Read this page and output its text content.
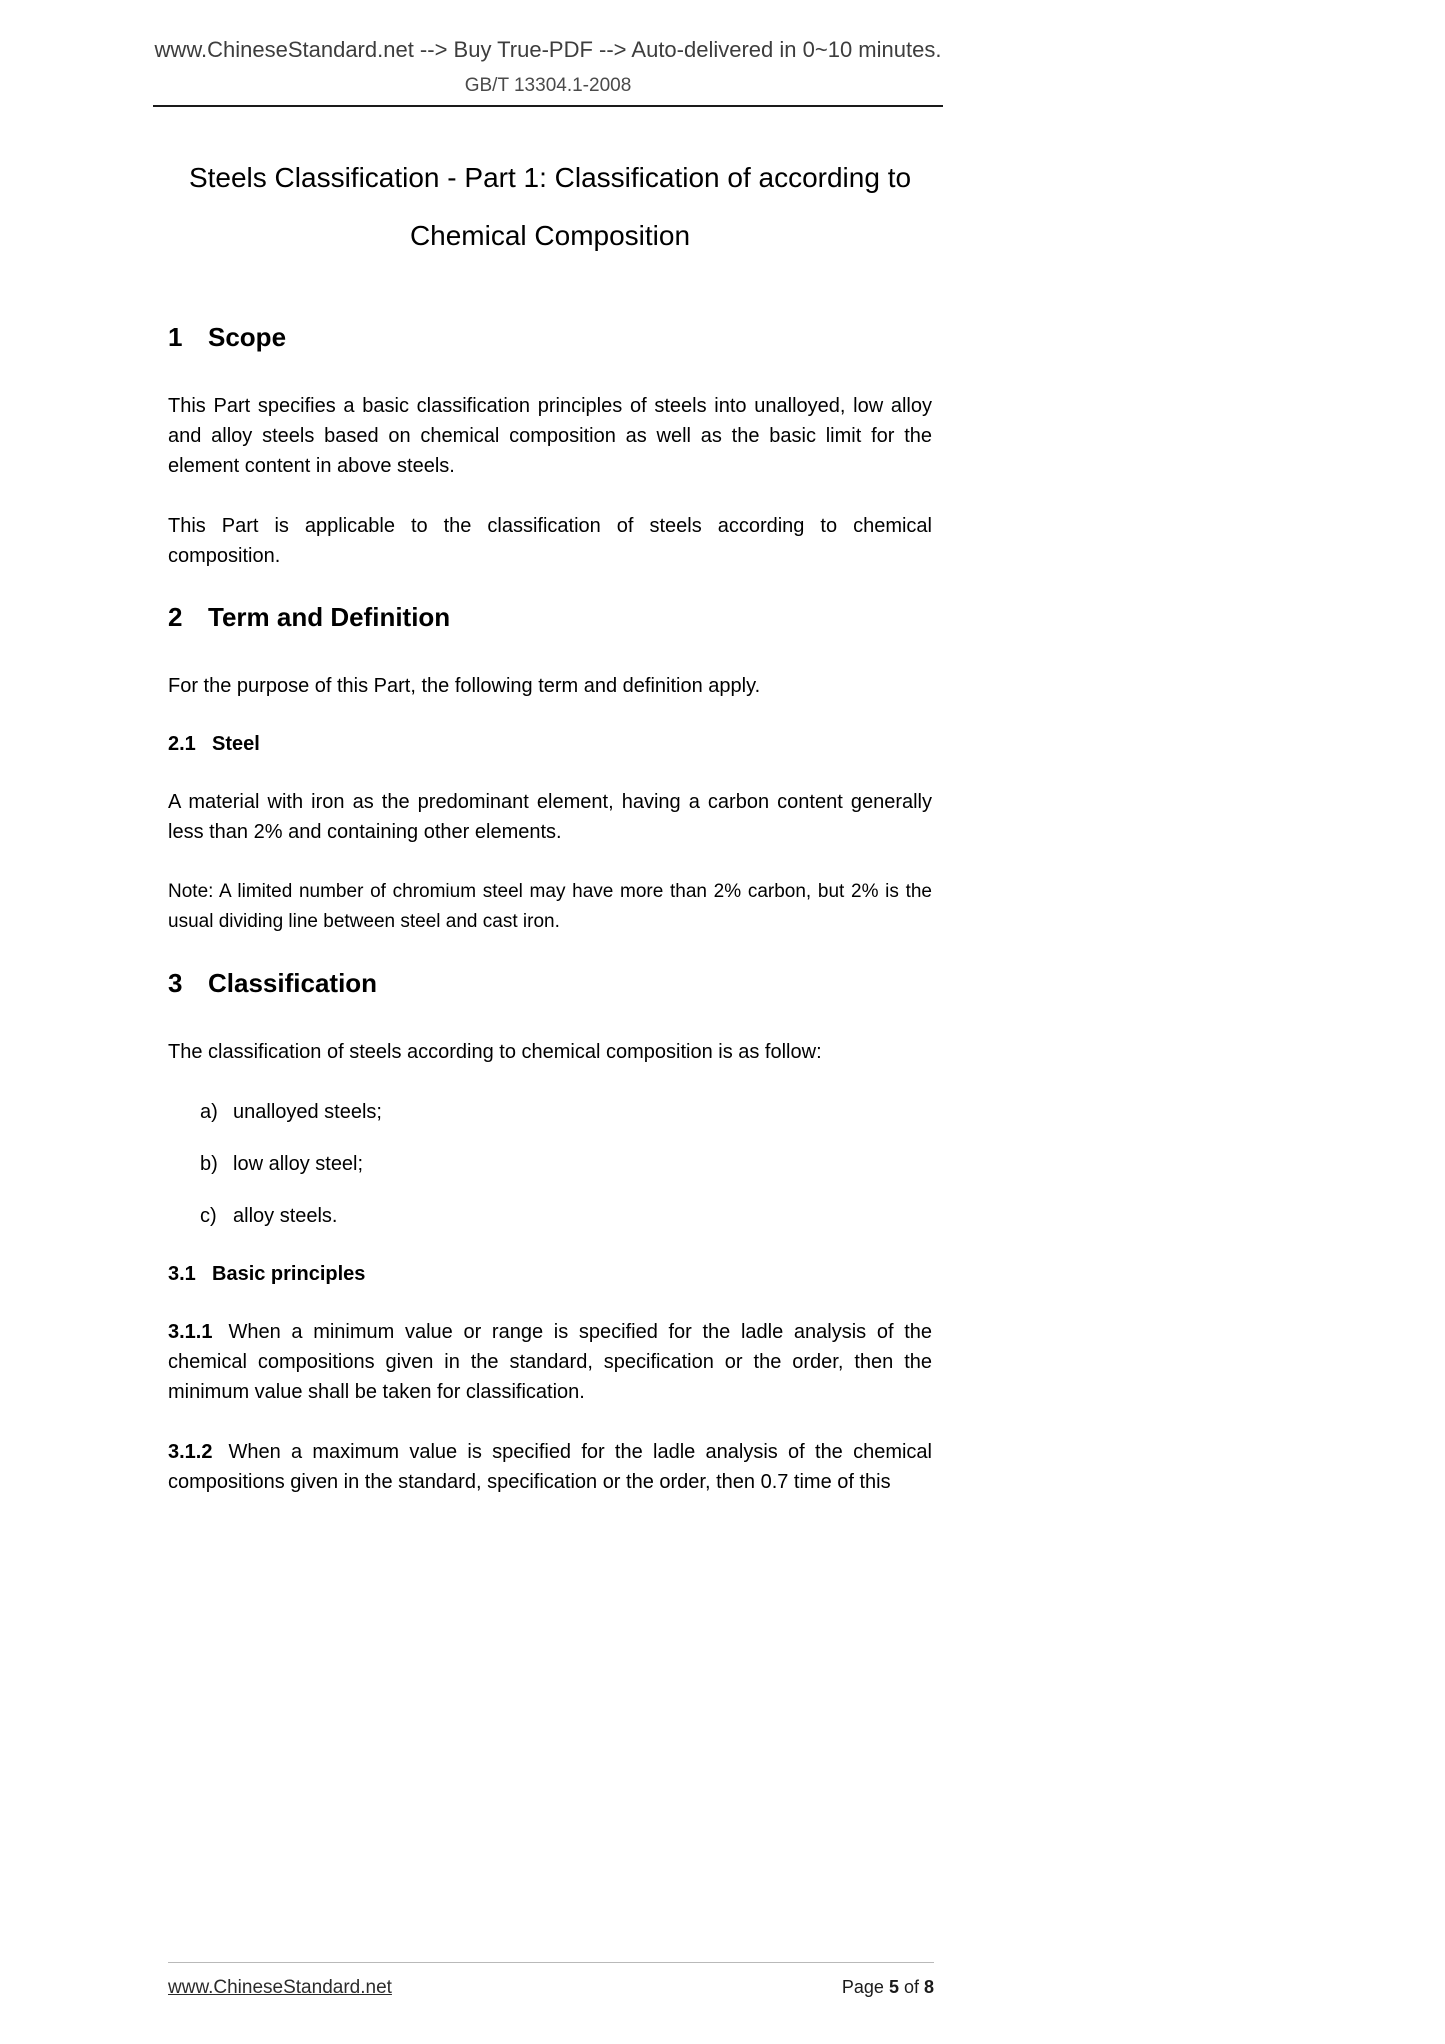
www.ChineseStandard.net --> Buy True-PDF --> Auto-delivered in 0~10 minutes.
GB/T 13304.1-2008
Steels Classification - Part 1: Classification of according to
Chemical Composition
1 Scope

This Part specifies a basic classification principles of steels into unalloyed, low alloy and alloy steels based on chemical composition as well as the basic limit for the element content in above steels.

This Part is applicable to the classification of steels according to chemical composition.

2 Term and Definition

For the purpose of this Part, the following term and definition apply.

2.1 Steel

A material with iron as the predominant element, having a carbon content generally less than 2% and containing other elements.

Note: A limited number of chromium steel may have more than 2% carbon, but 2% is the usual dividing line between steel and cast iron.

3 Classification

The classification of steels according to chemical composition is as follow:

a) unalloyed steels;
b) low alloy steel;
c) alloy steels.
3.1 Basic principles

3.1.1 When a minimum value or range is specified for the ladle analysis of the chemical compositions given in the standard, specification or the order, then the minimum value shall be taken for classification.

3.1.2 When a maximum value is specified for the ladle analysis of the chemical compositions given in the standard, specification or the order, then 0.7 time of this

www.ChineseStandard.net	Page 5 of 8
